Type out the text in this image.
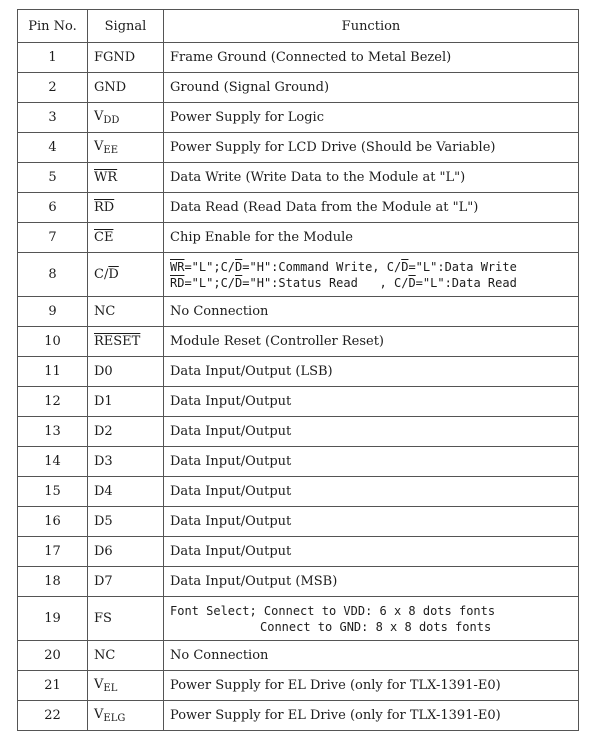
Pin No.	Signal	Function
1	FGND	Frame Ground (Connected to Metal Bezel)
2	GND	Ground (Signal Ground)
3	$V_{DD}$	Power Supply for Logic
4	$V_{EE}$	Power Supply for LCD Drive (Should be Variable)
5	$\overline{WR}$	Data Write (Write Data to the Module at "L")
6	$\overline{RD}$	Data Read (Read Data from the Module at "L")
7	$\overline{CE}$	Chip Enable for the Module
8	$C/\overline{D}$	$\overline{WR}="L";C/\overline{D}="H":Command$ Write, $C/\overline{D}="L":Data$ Write
$\overline{RD}="L";C/\overline{D}="H":Status$ Read   , $C/\overline{D}="L":Data$ Read

9	NC	No Connection
10	RESET	Module Reset (Controller Reset)
11	D0	Data Input/Output (LSB)
12	D1	Data Input/Output
13	D2	Data Input/Output
14	D3	Data Input/Output
15	D4	Data Input/Output
16	D5	Data Input/Output
17	D6	Data Input/Output
18	D7	Data Input/Output (MSB)
19	FS	Font Select; Connect to VDD: 6 x 8 dots fonts
Connect to GND: 8 x 8 dots fonts

20	NC	No Connection
21	$V_{EL}$	Power Supply for EL Drive (only for TLX-1391-E0)
22	$V_{ELG}$	Power Supply for EL Drive (only for TLX-1391-E0)
